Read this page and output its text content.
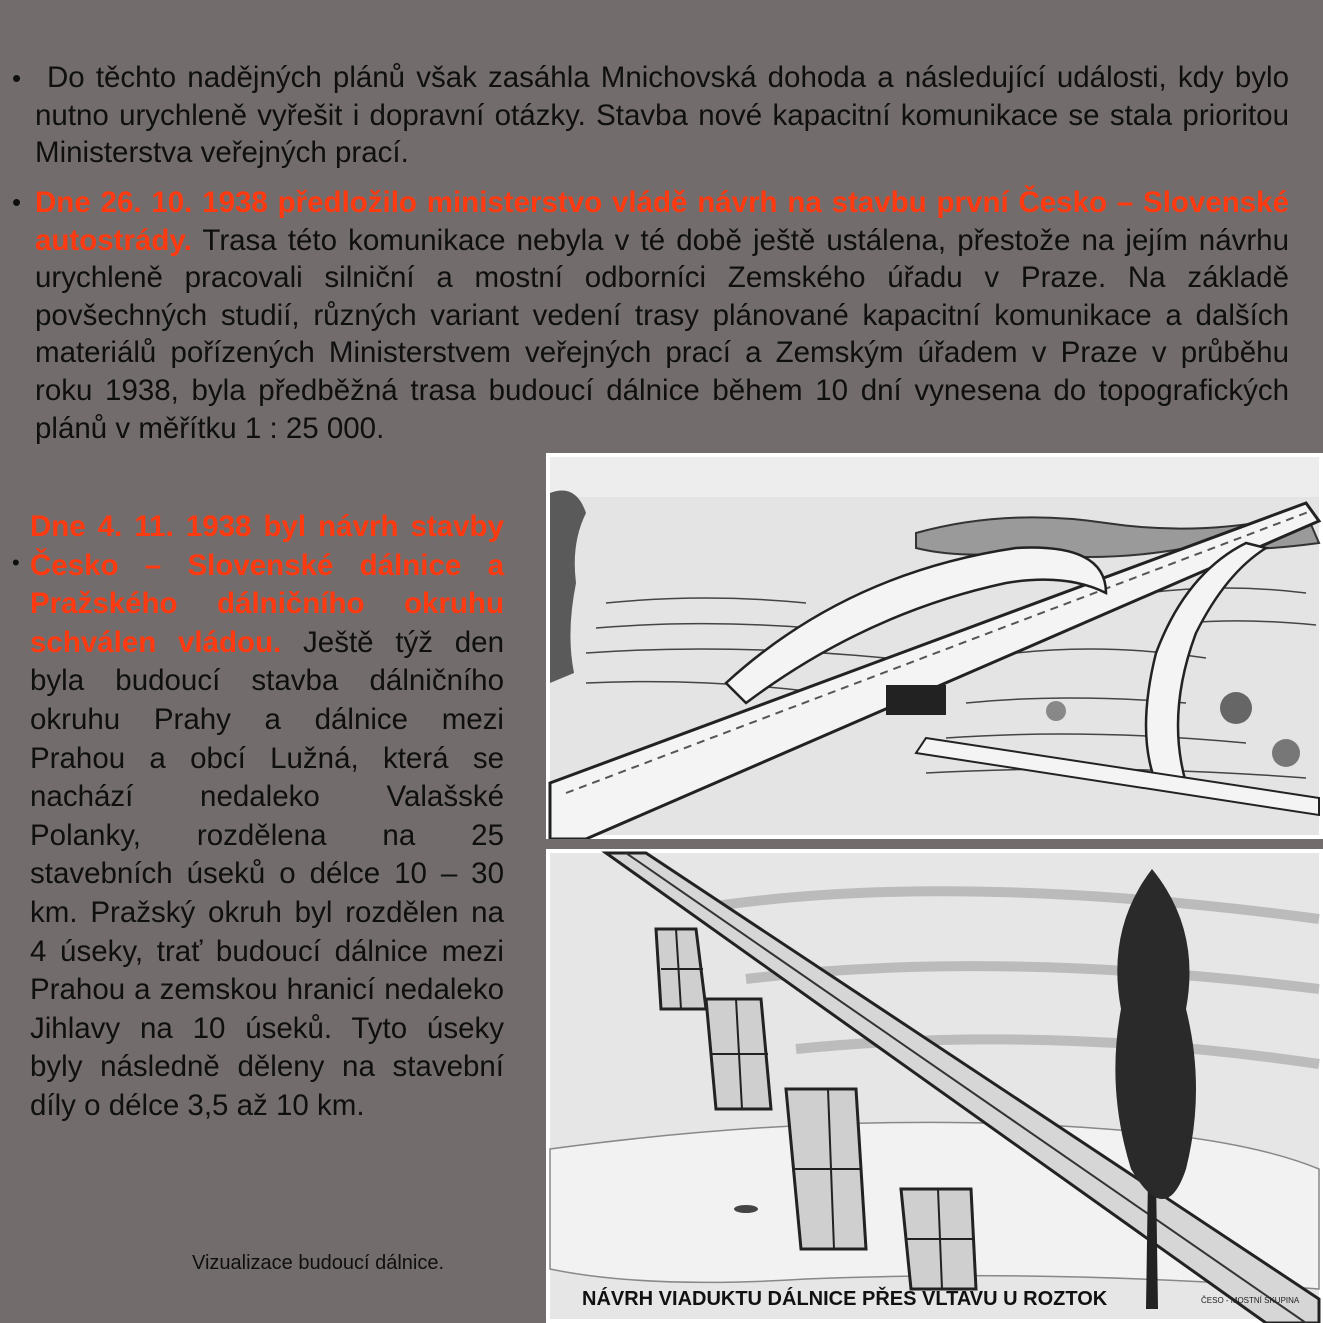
• Do těchto nadějných plánů však zasáhla Mnichovská dohoda a následující události, kdy bylo nutno urychleně vyřešit i dopravní otázky. Stavba nové kapacitní komunikace se stala prioritou Ministerstva veřejných prací.
• Dne 26. 10. 1938 předložilo ministerstvo vládě návrh na stavbu první Česko – Slovenské autostrády. Trasa této komunikace nebyla v té době ještě ustálena, přestože na jejím návrhu urychleně pracovali silniční a mostní odborníci Zemského úřadu v Praze. Na základě povšechných studií, různých variant vedení trasy plánované kapacitní komunikace a dalších materiálů pořízených Ministerstvem veřejných prací a Zemským úřadem v Praze v průběhu roku 1938, byla předběžná trasa budoucí dálnice během 10 dní vynesena do topografických plánů v měřítku 1 : 25 000.
•
Dne 4. 11. 1938 byl návrh stavby Česko – Slovenské dálnice a Pražského dálničního okruhu schválen vládou. Ještě týž den byla budoucí stavba dálničního okruhu Prahy a dálnice mezi Prahou a obcí Lužná, která se nachází nedaleko Valašské Polanky, rozdělena na 25 stavebních úseků o délce 10 – 30 km. Pražský okruh byl rozdělen na 4 úseky, trať budoucí dálnice mezi Prahou a zemskou hranicí nedaleko Jihlavy na 10 úseků. Tyto úseky byly následně děleny na stavební díly o délce 3,5 až 10 km.
Vizualizace budoucí dálnice.
NÁVRH VIADUKTU DÁLNICE PŘES VLTAVU U ROZTOK	ČESO - MOSTNÍ SKUPINA
